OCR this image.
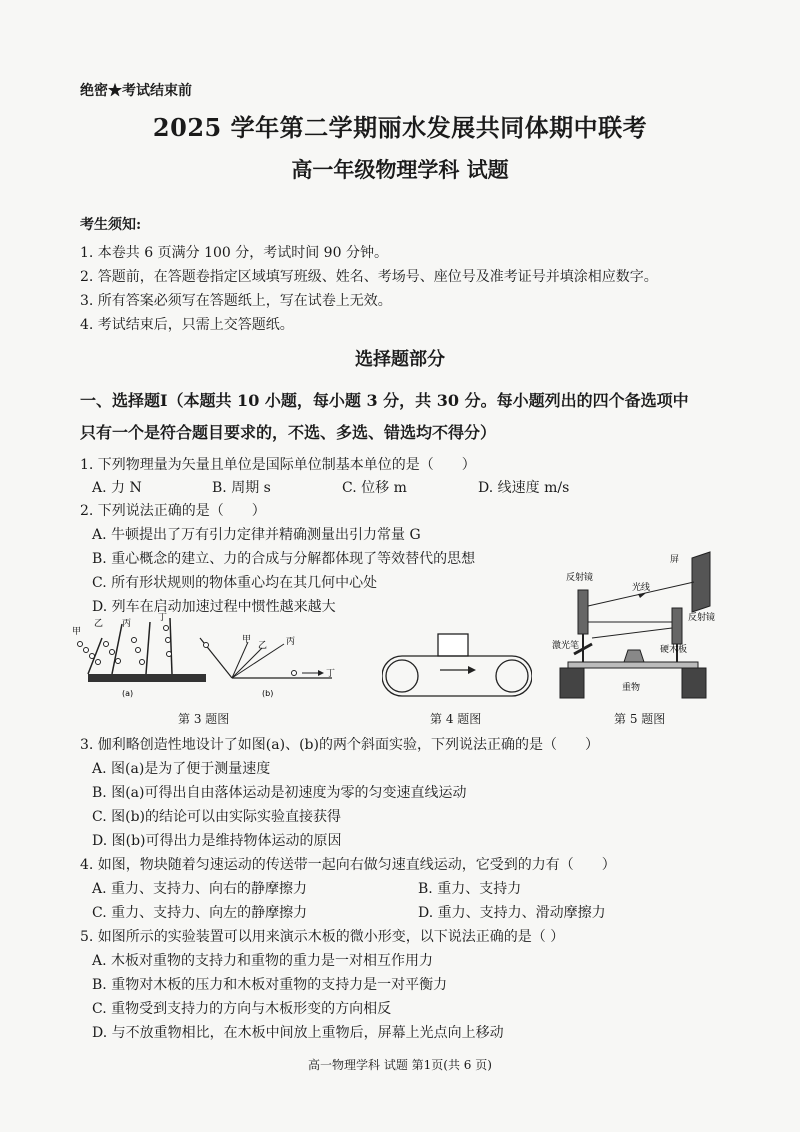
绝密★考试结束前
2025 学年第二学期丽水发展共同体期中联考
高一年级物理学科 试题
考生须知:
1. 本卷共 6 页满分 100 分，考试时间 90 分钟。
2. 答题前，在答题卷指定区域填写班级、姓名、考场号、座位号及准考证号并填涂相应数字。
3. 所有答案必须写在答题纸上，写在试卷上无效。
4. 考试结束后，只需上交答题纸。
选择题部分
一、选择题I（本题共 10 小题，每小题 3 分，共 30 分。每小题列出的四个备选项中
只有一个是符合题目要求的，不选、多选、错选均不得分）
1. 下列物理量为矢量且单位是国际单位制基本单位的是（　　）
A. 力 N	B. 周期 s	C. 位移 m	D. 线速度 m/s
2. 下列说法正确的是（　　）
A. 牛顿提出了万有引力定律并精确测量出引力常量 G
B. 重心概念的建立、力的合成与分解都体现了等效替代的思想
C. 所有形状规则的物体重心均在其几何中心处
D. 列车在启动加速过程中惯性越来越大
甲
乙 丙
丁
(a)
甲
乙 丙
丁
(b)
第 3 题图	第 4 题图
屏
反射镜
光线
反射镜
激光笔	硬木板
重物
第 5 题图
3. 伽利略创造性地设计了如图(a)、(b)的两个斜面实验，下列说法正确的是（　　）
A. 图(a)是为了便于测量速度
B. 图(a)可得出自由落体运动是初速度为零的匀变速直线运动
C. 图(b)的结论可以由实际实验直接获得
D. 图(b)可得出力是维持物体运动的原因
4. 如图，物块随着匀速运动的传送带一起向右做匀速直线运动，它受到的力有（　　）
A. 重力、支持力、向右的静摩擦力	B. 重力、支持力
C. 重力、支持力、向左的静摩擦力	D. 重力、支持力、滑动摩擦力
5. 如图所示的实验装置可以用来演示木板的微小形变，以下说法正确的是（ ）
A. 木板对重物的支持力和重物的重力是一对相互作用力
B. 重物对木板的压力和木板对重物的支持力是一对平衡力
C. 重物受到支持力的方向与木板形变的方向相反
D. 与不放重物相比，在木板中间放上重物后，屏幕上光点向上移动
高一物理学科 试题 第1页(共 6 页)
